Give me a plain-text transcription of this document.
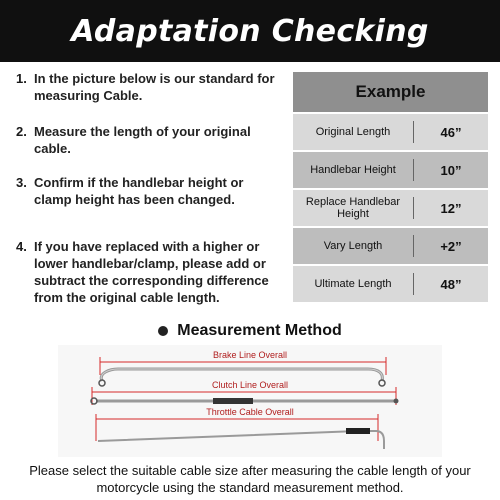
Adaptation Checking
1. In the picture below is our standard for measuring Cable.
2. Measure the length of your original cable.
3. Confirm if the handlebar height or clamp height has been changed.
4. If you have replaced with a higher or lower handlebar/clamp, please add or subtract the corresponding difference from the original cable length.
Example
Original Length	46”
Handlebar Height	10”
Replace Handlebar Height	12”
Vary Length	+2”
Ultimate Length	48”
Measurement Method
Brake Line Overall
Clutch Line Overall
Throttle Cable Overall
Please select the suitable cable size after measuring the cable length of your motorcycle using the standard measurement method.
